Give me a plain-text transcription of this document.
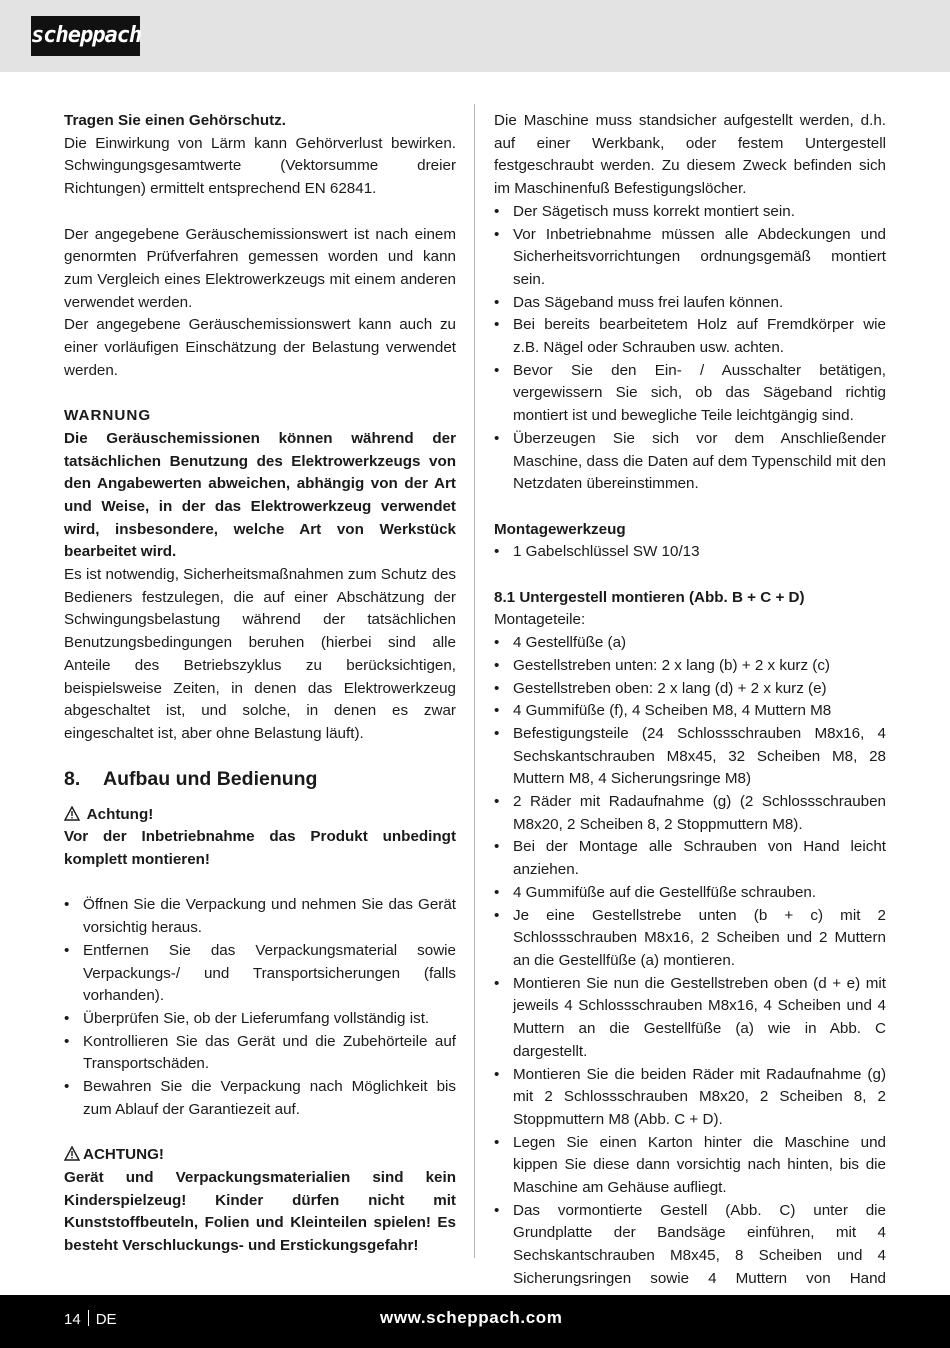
scheppach

Tragen Sie einen Gehörschutz.

Die Einwirkung von Lärm kann Gehörverlust bewirken. Schwingungsgesamtwerte (Vektorsumme dreier Richtungen) ermittelt entsprechend EN 62841.

Der angegebene Geräuschemissionswert ist nach einem genormten Prüfverfahren gemessen worden und kann zum Vergleich eines Elektrowerkzeugs mit einem anderen verwendet werden.

Der angegebene Geräuschemissionswert kann auch zu einer vorläufigen Einschätzung der Belastung verwendet werden.

WARNUNG

Die Geräuschemissionen können während der tatsächlichen Benutzung des Elektrowerkzeugs von den Angabewerten abweichen, abhängig von der Art und Weise, in der das Elektrowerkzeug verwendet wird, insbesondere, welche Art von Werkstück bearbeitet wird.

Es ist notwendig, Sicherheitsmaßnahmen zum Schutz des Bedieners festzulegen, die auf einer Abschätzung der Schwingungsbelastung während der tatsächlichen Benutzungsbedingungen beruhen (hierbei sind alle Anteile des Betriebszyklus zu berücksichtigen, beispielsweise Zeiten, in denen das Elektrowerkzeug abgeschaltet ist, und solche, in denen es zwar eingeschaltet ist, aber ohne Belastung läuft).

8. Aufbau und Bedienung

Achtung!

Vor der Inbetriebnahme das Produkt unbedingt komplett montieren!

• Öffnen Sie die Verpackung und nehmen Sie das Gerät vorsichtig heraus.
• Entfernen Sie das Verpackungsmaterial sowie Verpackungs-/ und Transportsicherungen (falls vorhanden).
• Überprüfen Sie, ob der Lieferumfang vollständig ist.
• Kontrollieren Sie das Gerät und die Zubehörteile auf Transportschäden.
• Bewahren Sie die Verpackung nach Möglichkeit bis zum Ablauf der Garantiezeit auf.

ACHTUNG!

Gerät und Verpackungsmaterialien sind kein Kinderspielzeug! Kinder dürfen nicht mit Kunststoffbeuteln, Folien und Kleinteilen spielen! Es besteht Verschluckungs- und Erstickungsgefahr!

Die Maschine muss standsicher aufgestellt werden, d.h. auf einer Werkbank, oder festem Untergestell festgeschraubt werden. Zu diesem Zweck befinden sich im Maschinenfuß Befestigungslöcher.

• Der Sägetisch muss korrekt montiert sein.
• Vor Inbetriebnahme müssen alle Abdeckungen und Sicherheitsvorrichtungen ordnungsgemäß montiert sein.
• Das Sägeband muss frei laufen können.
• Bei bereits bearbeitetem Holz auf Fremdkörper wie z.B. Nägel oder Schrauben usw. achten.
• Bevor Sie den Ein- / Ausschalter betätigen, vergewissern Sie sich, ob das Sägeband richtig montiert ist und bewegliche Teile leichtgängig sind.
• Überzeugen Sie sich vor dem Anschließender Maschine, dass die Daten auf dem Typenschild mit den Netzdaten übereinstimmen.

Montagewerkzeug

• 1 Gabelschlüssel SW 10/13

8.1 Untergestell montieren (Abb. B + C + D)

Montageteile:

• 4 Gestellfüße (a)
• Gestellstreben unten: 2 x lang (b) + 2 x kurz (c)
• Gestellstreben oben: 2 x lang (d) + 2 x kurz (e)
• 4 Gummifüße (f), 4 Scheiben M8, 4 Muttern M8
• Befestigungsteile (24 Schlossschrauben M8x16, 4 Sechskantschrauben M8x45, 32 Scheiben M8, 28 Muttern M8, 4 Sicherungsringe M8)
• 2 Räder mit Radaufnahme (g) (2 Schlossschrauben M8x20, 2 Scheiben 8, 2 Stoppmuttern M8).
• Bei der Montage alle Schrauben von Hand leicht anziehen.
• 4 Gummifüße auf die Gestellfüße schrauben.
• Je eine Gestellstrebe unten (b + c) mit 2 Schlossschrauben M8x16, 2 Scheiben und 2 Muttern an die Gestellfüße (a) montieren.
• Montieren Sie nun die Gestellstreben oben (d + e) mit jeweils 4 Schlossschrauben M8x16, 4 Scheiben und 4 Muttern an die Gestellfüße (a) wie in Abb. C dargestellt.
• Montieren Sie die beiden Räder mit Radaufnahme (g) mit 2 Schlossschrauben M8x20, 2 Scheiben 8, 2 Stoppmuttern M8 (Abb. C + D).
• Legen Sie einen Karton hinter die Maschine und kippen Sie diese dann vorsichtig nach hinten, bis die Maschine am Gehäuse aufliegt.
• Das vormontierte Gestell (Abb. C) unter die Grundplatte der Bandsäge einführen, mit 4 Sechskantschrauben M8x45, 8 Scheiben und 4 Sicherungsringen sowie 4 Muttern von Hand
14 DE	www.scheppach.com
